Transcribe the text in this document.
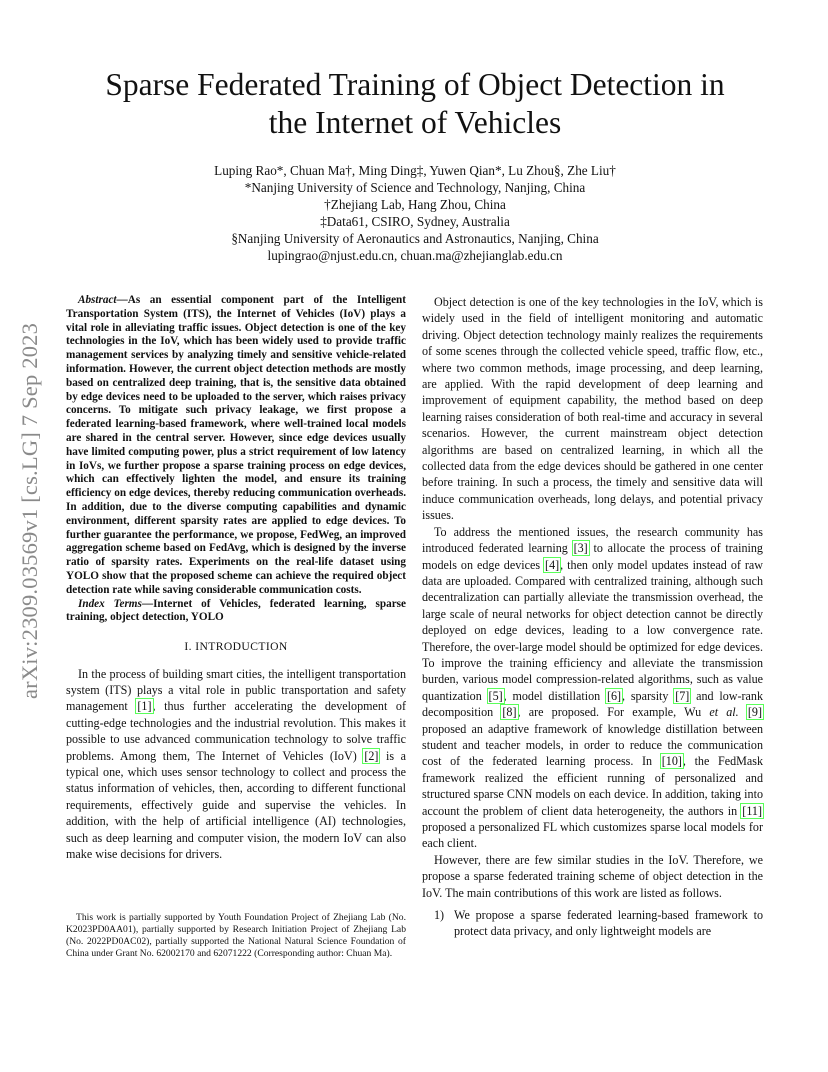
arXiv:2309.03569v1 [cs.LG] 7 Sep 2023
Sparse Federated Training of Object Detection in
the Internet of Vehicles
Luping Rao*, Chuan Ma†, Ming Ding‡, Yuwen Qian*, Lu Zhou§, Zhe Liu†
*Nanjing University of Science and Technology, Nanjing, China
†Zhejiang Lab, Hang Zhou, China
‡Data61, CSIRO, Sydney, Australia
§Nanjing University of Aeronautics and Astronautics, Nanjing, China
lupingrao@njust.edu.cn, chuan.ma@zhejianglab.edu.cn

Abstract—As an essential component part of the Intelligent Transportation System (ITS), the Internet of Vehicles (IoV) plays a vital role in alleviating traffic issues. Object detection is one of the key technologies in the IoV, which has been widely used to provide traffic management services by analyzing timely and sensitive vehicle-related information. However, the current object detection methods are mostly based on centralized deep training, that is, the sensitive data obtained by edge devices need to be uploaded to the server, which raises privacy concerns. To mitigate such privacy leakage, we first propose a federated learning-based framework, where well-trained local models are shared in the central server. However, since edge devices usually have limited computing power, plus a strict requirement of low latency in IoVs, we further propose a sparse training process on edge devices, which can effectively lighten the model, and ensure its training efficiency on edge devices, thereby reducing communication overheads. In addition, due to the diverse computing capabilities and dynamic environment, different sparsity rates are applied to edge devices. To further guarantee the performance, we propose, FedWeg, an improved aggregation scheme based on FedAvg, which is designed by the inverse ratio of sparsity rates. Experiments on the real-life dataset using YOLO show that the proposed scheme can achieve the required object detection rate while saving considerable communication costs.

Index Terms—Internet of Vehicles, federated learning, sparse training, object detection, YOLO

I. INTRODUCTION

In the process of building smart cities, the intelligent transportation system (ITS) plays a vital role in public transportation and safety management [1], thus further accelerating the development of cutting-edge technologies and the industrial revolution. This makes it possible to use advanced communication technology to solve traffic problems. Among them, The Internet of Vehicles (IoV) [2] is a typical one, which uses sensor technology to collect and process the status information of vehicles, then, according to different functional requirements, effectively guide and supervise the vehicles. In addition, with the help of artificial intelligence (AI) technologies, such as deep learning and computer vision, the modern IoV can also make wise decisions for drivers.

This work is partially supported by Youth Foundation Project of Zhejiang Lab (No. K2023PD0AA01), partially supported by Research Initiation Project of Zhejiang Lab (No. 2022PD0AC02), partially supported the National Natural Science Foundation of China under Grant No. 62002170 and 62071222 (Corresponding author: Chuan Ma).

Object detection is one of the key technologies in the IoV, which is widely used in the field of intelligent monitoring and automatic driving. Object detection technology mainly realizes the requirements of some scenes through the collected vehicle speed, traffic flow, etc., where two common methods, image processing, and deep learning, are applied. With the rapid development of deep learning and improvement of equipment capability, the method based on deep learning raises consideration of both real-time and accuracy in several scenarios. However, the current mainstream object detection algorithms are based on centralized learning, in which all the collected data from the edge devices should be gathered in one center before training. In such a process, the timely and sensitive data will induce communication overheads, long delays, and potential privacy issues.

To address the mentioned issues, the research community has introduced federated learning [3] to allocate the process of training models on edge devices [4], then only model updates instead of raw data are uploaded. Compared with centralized training, although such decentralization can partially alleviate the transmission overhead, the large scale of neural networks for object detection cannot be directly deployed on edge devices, leading to a low convergence rate. Therefore, the over-large model should be optimized for edge devices. To improve the training efficiency and alleviate the transmission burden, various model compression-related algorithms, such as value quantization [5], model distillation [6], sparsity [7] and low-rank decomposition [8], are proposed. For example, Wu et al. [9] proposed an adaptive framework of knowledge distillation between student and teacher models, in order to reduce the communication cost of the federated learning process. In [10], the FedMask framework realized the efficient running of personalized and structured sparse CNN models on each device. In addition, taking into account the problem of client data heterogeneity, the authors in [11] proposed a personalized FL which customizes sparse local models for each client.

However, there are few similar studies in the IoV. Therefore, we propose a sparse federated training scheme of object detection in the IoV. The main contributions of this work are listed as follows.

1) We propose a sparse federated learning-based framework to protect data privacy, and only lightweight models are
